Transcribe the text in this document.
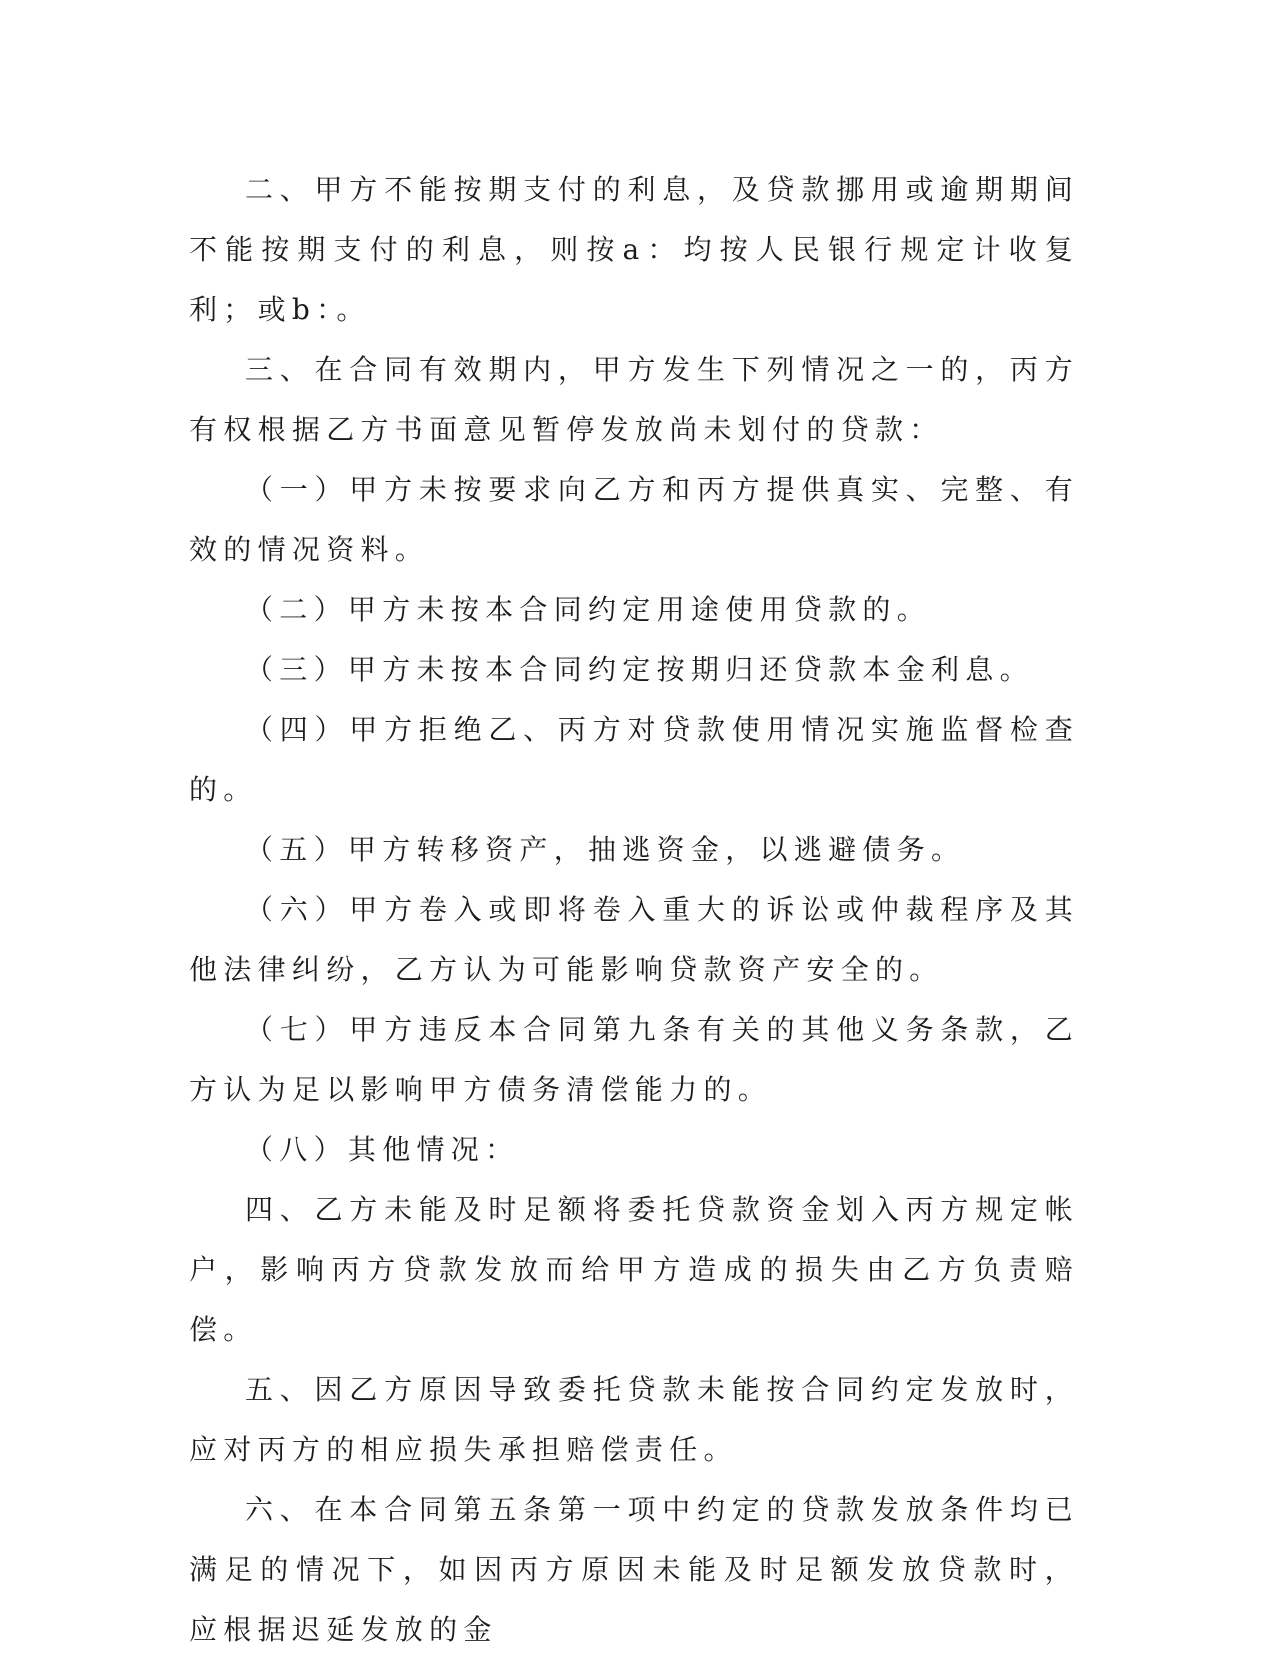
二、甲方不能按期支付的利息，及贷款挪用或逾期期间不能按期支付的利息，则按a：均按人民银行规定计收复利；或b：。

三、在合同有效期内，甲方发生下列情况之一的，丙方有权根据乙方书面意见暂停发放尚未划付的贷款：

（一）甲方未按要求向乙方和丙方提供真实、完整、有效的情况资料。

（二）甲方未按本合同约定用途使用贷款的。

（三）甲方未按本合同约定按期归还贷款本金利息。

（四）甲方拒绝乙、丙方对贷款使用情况实施监督检查的。

（五）甲方转移资产，抽逃资金，以逃避债务。

（六）甲方卷入或即将卷入重大的诉讼或仲裁程序及其他法律纠纷，乙方认为可能影响贷款资产安全的。

（七）甲方违反本合同第九条有关的其他义务条款，乙方认为足以影响甲方债务清偿能力的。

（八）其他情况：

四、乙方未能及时足额将委托贷款资金划入丙方规定帐户，影响丙方贷款发放而给甲方造成的损失由乙方负责赔偿。

五、因乙方原因导致委托贷款未能按合同约定发放时，应对丙方的相应损失承担赔偿责任。

六、在本合同第五条第一项中约定的贷款发放条件均已满足的情况下，如因丙方原因未能及时足额发放贷款时，应根据迟延发放的金
